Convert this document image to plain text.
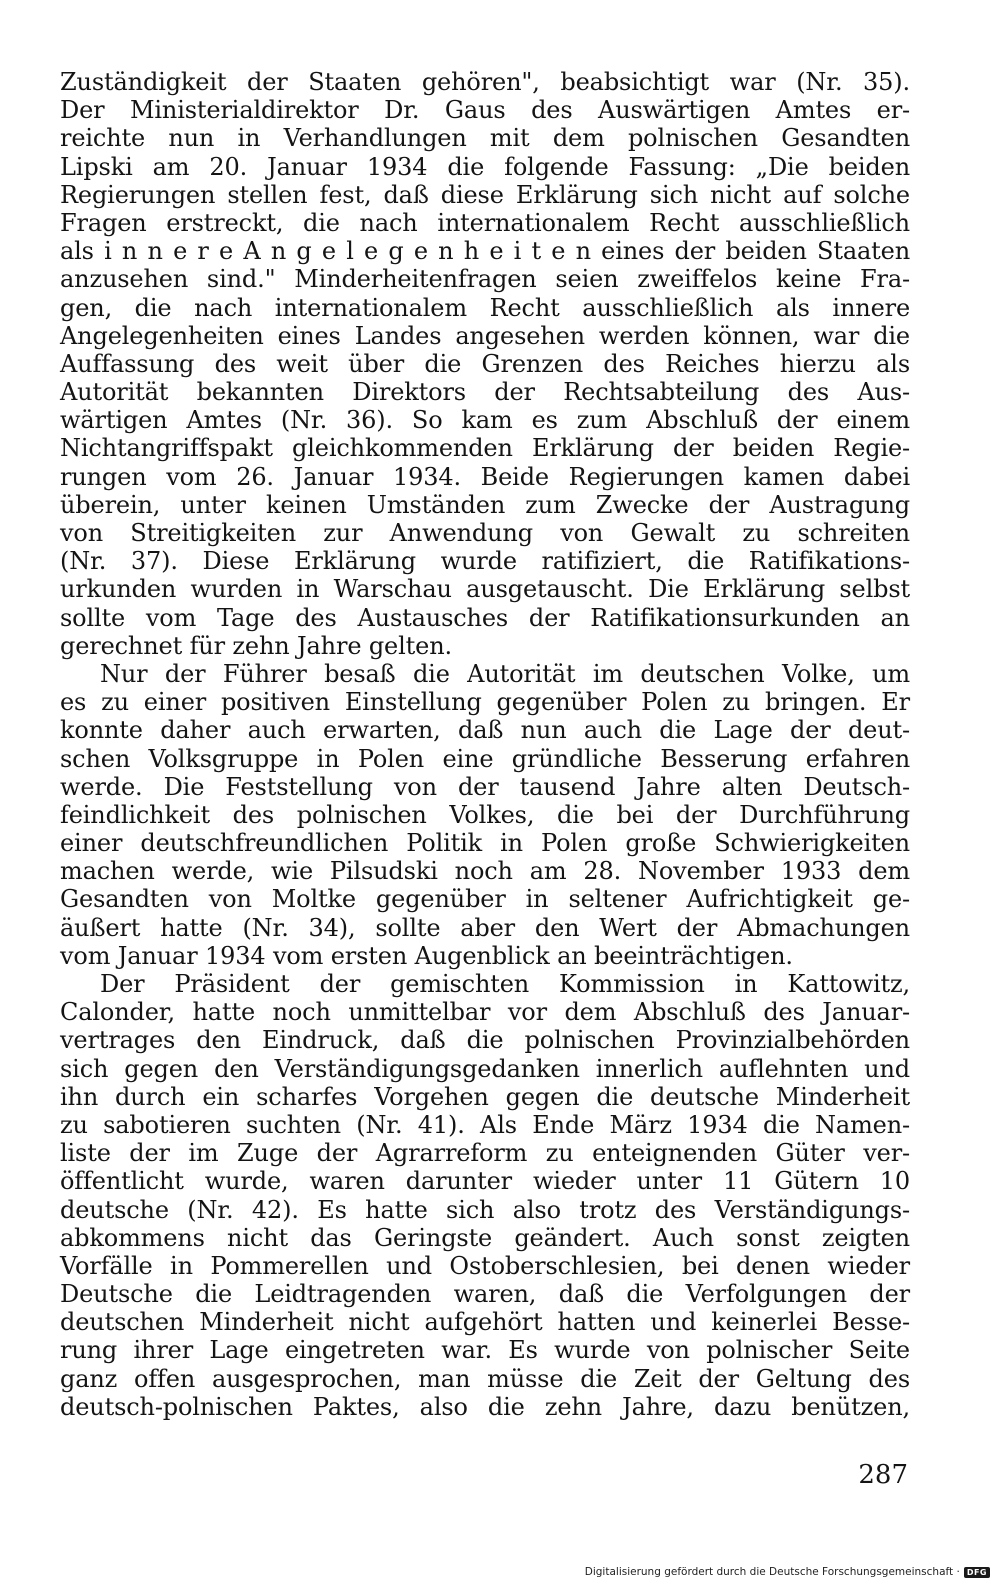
Zuständigkeit der Staaten gehören", beabsichtigt war (Nr. 35).
Der Ministerialdirektor Dr. Gaus des Auswärtigen Amtes er-
reichte nun in Verhandlungen mit dem polnischen Gesandten
Lipski am 20. Januar 1934 die folgende Fassung: „Die beiden
Regierungen stellen fest, daß diese Erklärung sich nicht auf solche
Fragen erstreckt, die nach internationalem Recht ausschließlich
als i n n e r e A n g e l e g e n h e i t e n eines der beiden Staaten
anzusehen sind." Minderheitenfragen seien zweiffelos keine Fra-
gen, die nach internationalem Recht ausschließlich als innere
Angelegenheiten eines Landes angesehen werden können, war die
Auffassung des weit über die Grenzen des Reiches hierzu als
Autorität bekannten Direktors der Rechtsabteilung des Aus-
wärtigen Amtes (Nr. 36). So kam es zum Abschluß der einem
Nichtangriffspakt gleichkommenden Erklärung der beiden Regie-
rungen vom 26. Januar 1934. Beide Regierungen kamen dabei
überein, unter keinen Umständen zum Zwecke der Austragung
von Streitigkeiten zur Anwendung von Gewalt zu schreiten
(Nr. 37). Diese Erklärung wurde ratifiziert, die Ratifikations-
urkunden wurden in Warschau ausgetauscht. Die Erklärung selbst
sollte vom Tage des Austausches der Ratifikationsurkunden an
gerechnet für zehn Jahre gelten.
Nur der Führer besaß die Autorität im deutschen Volke, um
es zu einer positiven Einstellung gegenüber Polen zu bringen. Er
konnte daher auch erwarten, daß nun auch die Lage der deut-
schen Volksgruppe in Polen eine gründliche Besserung erfahren
werde. Die Feststellung von der tausend Jahre alten Deutsch-
feindlichkeit des polnischen Volkes, die bei der Durchführung
einer deutschfreundlichen Politik in Polen große Schwierigkeiten
machen werde, wie Pilsudski noch am 28. November 1933 dem
Gesandten von Moltke gegenüber in seltener Aufrichtigkeit ge-
äußert hatte (Nr. 34), sollte aber den Wert der Abmachungen
vom Januar 1934 vom ersten Augenblick an beeinträchtigen.
Der Präsident der gemischten Kommission in Kattowitz,
Calonder, hatte noch unmittelbar vor dem Abschluß des Januar-
vertrages den Eindruck, daß die polnischen Provinzialbehörden
sich gegen den Verständigungsgedanken innerlich auflehnten und
ihn durch ein scharfes Vorgehen gegen die deutsche Minderheit
zu sabotieren suchten (Nr. 41). Als Ende März 1934 die Namen-
liste der im Zuge der Agrarreform zu enteignenden Güter ver-
öffentlicht wurde, waren darunter wieder unter 11 Gütern 10
deutsche (Nr. 42). Es hatte sich also trotz des Verständigungs-
abkommens nicht das Geringste geändert. Auch sonst zeigten
Vorfälle in Pommerellen und Ostoberschlesien, bei denen wieder
Deutsche die Leidtragenden waren, daß die Verfolgungen der
deutschen Minderheit nicht aufgehört hatten und keinerlei Besse-
rung ihrer Lage eingetreten war. Es wurde von polnischer Seite
ganz offen ausgesprochen, man müsse die Zeit der Geltung des
deutsch-polnischen Paktes, also die zehn Jahre, dazu benützen,
287
Digitalisierung gefördert durch die Deutsche Forschungsgemeinschaft · DFG
